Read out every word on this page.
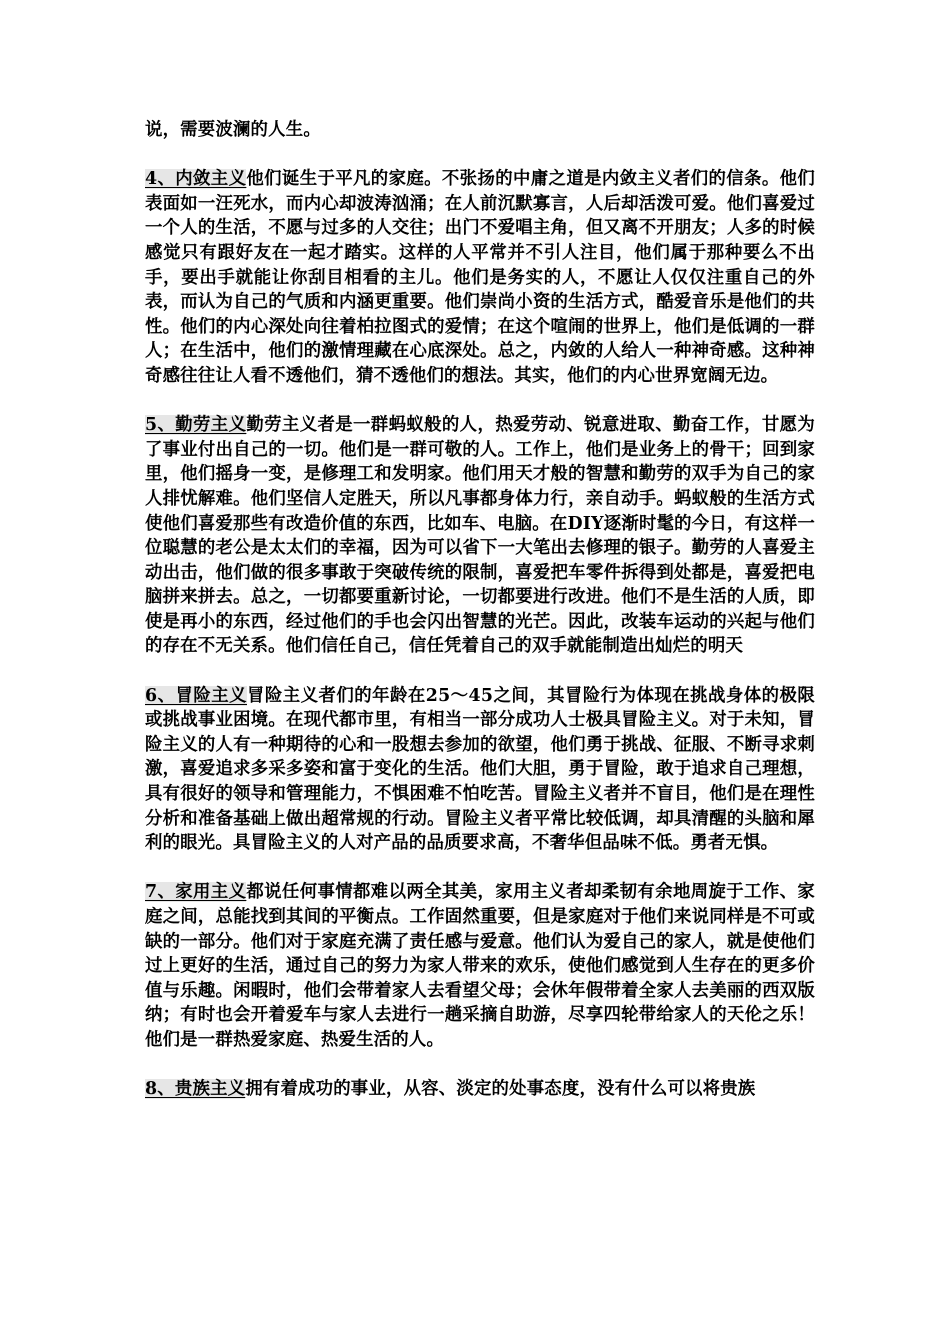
说，需要波澜的人生。

4、内敛主义他们诞生于平凡的家庭。不张扬的中庸之道是内敛主义者们的信条。他们表面如一汪死水，而内心却波涛汹涌；在人前沉默寡言，人后却活泼可爱。他们喜爱过一个人的生活，不愿与过多的人交往；出门不爱唱主角，但又离不开朋友；人多的时候感觉只有跟好友在一起才踏实。这样的人平常并不引人注目，他们属于那种要么不出手，要出手就能让你刮目相看的主儿。他们是务实的人，不愿让人仅仅注重自己的外表，而认为自己的气质和内涵更重要。他们崇尚小资的生活方式，酷爱音乐是他们的共性。他们的内心深处向往着柏拉图式的爱情；在这个喧闹的世界上，他们是低调的一群人；在生活中，他们的激情理藏在心底深处。总之，内敛的人给人一种神奇感。这种神奇感往往让人看不透他们，猜不透他们的想法。其实，他们的内心世界宽阔无边。

5、勤劳主义勤劳主义者是一群蚂蚁般的人，热爱劳动、锐意进取、勤奋工作，甘愿为了事业付出自己的一切。他们是一群可敬的人。工作上，他们是业务上的骨干；回到家里，他们摇身一变，是修理工和发明家。他们用天才般的智慧和勤劳的双手为自己的家人排忧解难。他们坚信人定胜天，所以凡事都身体力行，亲自动手。蚂蚁般的生活方式使他们喜爱那些有改造价值的东西，比如车、电脑。在DIY逐渐时髦的今日，有这样一位聪慧的老公是太太们的幸福，因为可以省下一大笔出去修理的银子。勤劳的人喜爱主动出击，他们做的很多事敢于突破传统的限制，喜爱把车零件拆得到处都是，喜爱把电脑拼来拼去。总之，一切都要重新讨论，一切都要进行改进。他们不是生活的人质，即使是再小的东西，经过他们的手也会闪出智慧的光芒。因此，改装车运动的兴起与他们的存在不无关系。他们信任自己，信任凭着自己的双手就能制造出灿烂的明天

6、冒险主义冒险主义者们的年龄在25～45之间，其冒险行为体现在挑战身体的极限或挑战事业困境。在现代都市里，有相当一部分成功人士极具冒险主义。对于未知，冒险主义的人有一种期待的心和一股想去参加的欲望，他们勇于挑战、征服、不断寻求刺激，喜爱追求多采多姿和富于变化的生活。他们大胆，勇于冒险，敢于追求自己理想，具有很好的领导和管理能力，不惧困难不怕吃苦。冒险主义者并不盲目，他们是在理性分析和准备基础上做出超常规的行动。冒险主义者平常比较低调，却具清醒的头脑和犀利的眼光。具冒险主义的人对产品的品质要求高，不奢华但品味不低。勇者无惧。

7、家用主义都说任何事情都难以两全其美，家用主义者却柔韧有余地周旋于工作、家庭之间，总能找到其间的平衡点。工作固然重要，但是家庭对于他们来说同样是不可或缺的一部分。他们对于家庭充满了责任感与爱意。他们认为爱自己的家人，就是使他们过上更好的生活，通过自己的努力为家人带来的欢乐，使他们感觉到人生存在的更多价值与乐趣。闲暇时，他们会带着家人去看望父母；会休年假带着全家人去美丽的西双版纳；有时也会开着爱车与家人去进行一趟采摘自助游，尽享四轮带给家人的天伦之乐！他们是一群热爱家庭、热爱生活的人。

8、贵族主义拥有着成功的事业，从容、淡定的处事态度，没有什么可以将贵族
